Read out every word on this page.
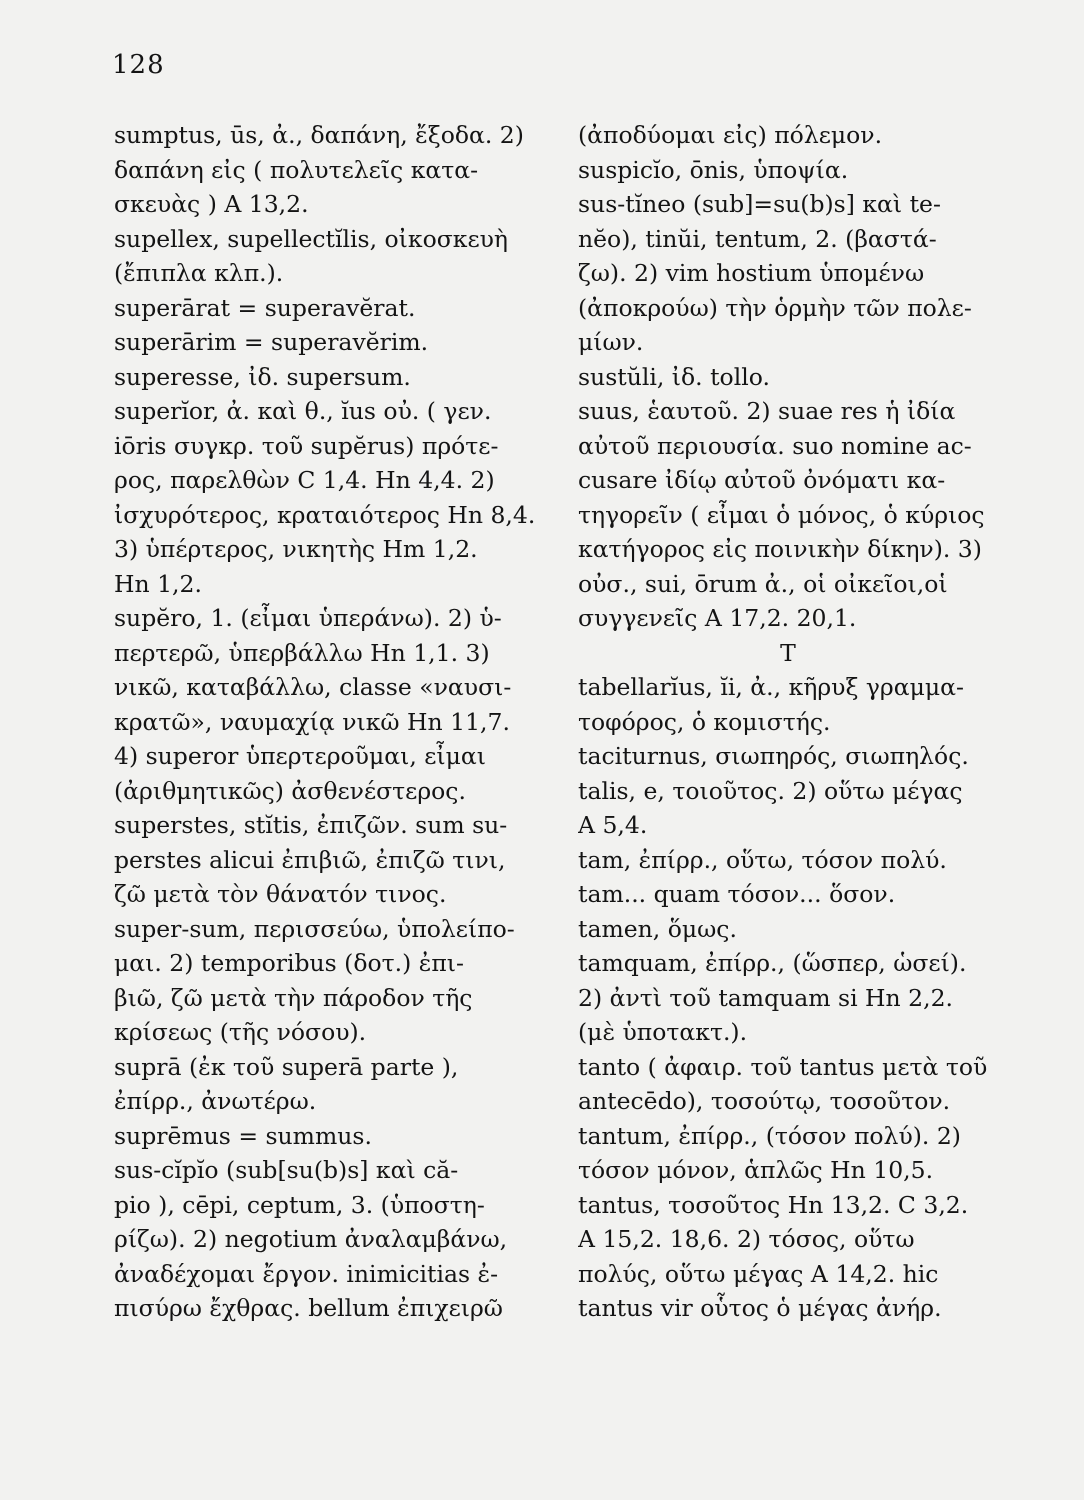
128
sumptus, ūs, ἀ., δαπάνη, ἔξοδα. 2)
δαπάνη εἰς ( πολυτελεῖς κατα-
σκευὰς ) A 13,2.
supellex, supellectĭlis, οἰκοσκευὴ
(ἔπιπλα κλπ.).
superārat = superavĕrat.
superārim = superavĕrim.
superesse, ἰδ. supersum.
superĭor, ἀ. καὶ θ., ĭus οὐ. ( γεν.
iōris συγκρ. τοῦ supĕrus) πρότε-
ρος, παρελθὼν C 1,4. Hn 4,4. 2)
ἰσχυρότερος, κραταιότερος Hn 8,4.
3) ὑπέρτερος, νικητὴς Hm 1,2.
Hn 1,2.
supĕro, 1. (εἶμαι ὑπεράνω). 2) ὑ-
περτερῶ, ὑπερβάλλω Hn 1,1. 3)
νικῶ, καταβάλλω, classe «ναυσι-
κρατῶ», ναυμαχίᾳ νικῶ Hn 11,7.
4) superor ὑπερτεροῦμαι, εἶμαι
(ἀριθμητικῶς) ἀσθενέστερος.
superstes, stĭtis, ἐπιζῶν. sum su-
perstes alicui ἐπιβιῶ, ἐπιζῶ τινι,
ζῶ μετὰ τὸν θάνατόν τινος.
super-sum, περισσεύω, ὑπολείπο-
μαι. 2) temporibus (δοτ.) ἐπι-
βιῶ, ζῶ μετὰ τὴν πάροδον τῆς
κρίσεως (τῆς νόσου).
suprā (ἐκ τοῦ superā parte ),
ἐπίρρ., ἀνωτέρω.
suprēmus = summus.
sus-cĭpĭo (sub[su(b)s] καὶ că-
pio ), cēpi, ceptum, 3. (ὑποστη-
ρίζω). 2) negotium ἀναλαμβάνω,
ἀναδέχομαι ἔργον. inimicitias ἐ-
πισύρω ἔχθρας. bellum ἐπιχειρῶ
(ἀποδύομαι εἰς) πόλεμον.
suspicĭo, ōnis, ὑποψία.
sus-tĭneo (sub]=su(b)s] καὶ te-
nĕo), tinŭi, tentum, 2. (βαστά-
ζω). 2) vim hostium ὑπομένω
(ἀποκρούω) τὴν ὁρμὴν τῶν πολε-
μίων.
sustŭli, ἰδ. tollo.
suus, ἑαυτοῦ. 2) suae res ἡ ἰδία
αὐτοῦ περιουσία. suo nomine ac-
cusare ἰδίῳ αὐτοῦ ὀνόματι κα-
τηγορεῖν ( εἶμαι ὁ μόνος, ὁ κύριος
κατήγορος εἰς ποινικὴν δίκην). 3)
οὐσ., sui, ōrum ἀ., οἱ οἰκεῖοι,οἱ
συγγενεῖς A 17,2. 20,1.
T
tabellarĭus, ĭi, ἀ., κῆρυξ γραμμα-
τοφόρος, ὁ κομιστής.
taciturnus, σιωπηρός, σιωπηλός.
talis, e, τοιοῦτος. 2) οὕτω μέγας
A 5,4.
tam, ἐπίρρ., οὕτω, τόσον πολύ.
tam... quam τόσον... ὅσον.
tamen, ὅμως.
tamquam, ἐπίρρ., (ὥσπερ, ὡσεί).
2) ἀντὶ τοῦ tamquam si Hn 2,2.
(μὲ ὑποτακτ.).
tanto ( ἀφαιρ. τοῦ tantus μετὰ τοῦ
antecēdo), τοσούτῳ, τοσοῦτον.
tantum, ἐπίρρ., (τόσον πολύ). 2)
τόσον μόνον, ἁπλῶς Hn 10,5.
tantus, τοσοῦτος Hn 13,2. C 3,2.
A 15,2. 18,6. 2) τόσος, οὕτω
πολύς, οὕτω μέγας A 14,2. hic
tantus vir οὗτος ὁ μέγας ἀνήρ.
